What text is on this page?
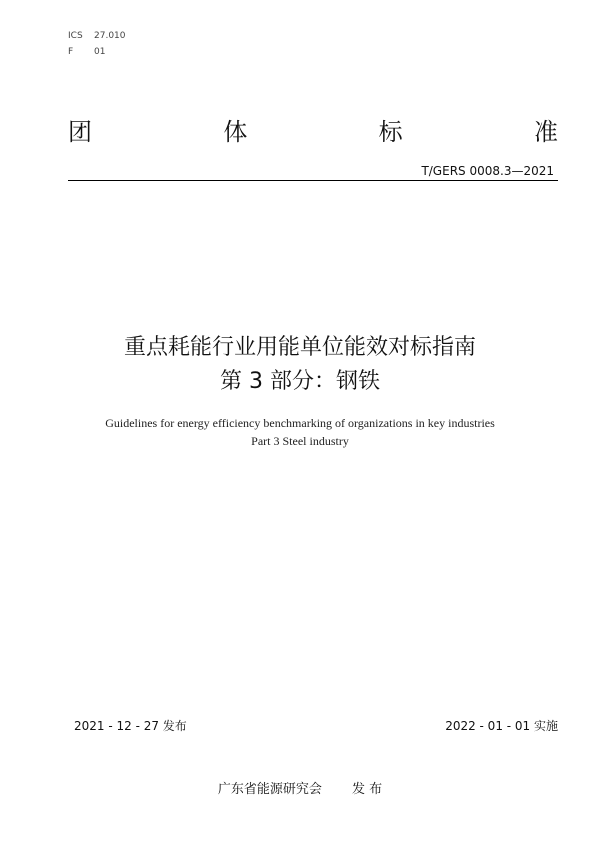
ICS 27.010
F 01
团	体	标	准
T/GERS 0008.3—2021
重点耗能行业用能单位能效对标指南
第 3 部分：钢铁
Guidelines for energy efficiency benchmarking of organizations in key industries
Part 3 Steel industry
2021 - 12 - 27 发布	2022 - 01 - 01 实施
广东省能源研究会 发 布
